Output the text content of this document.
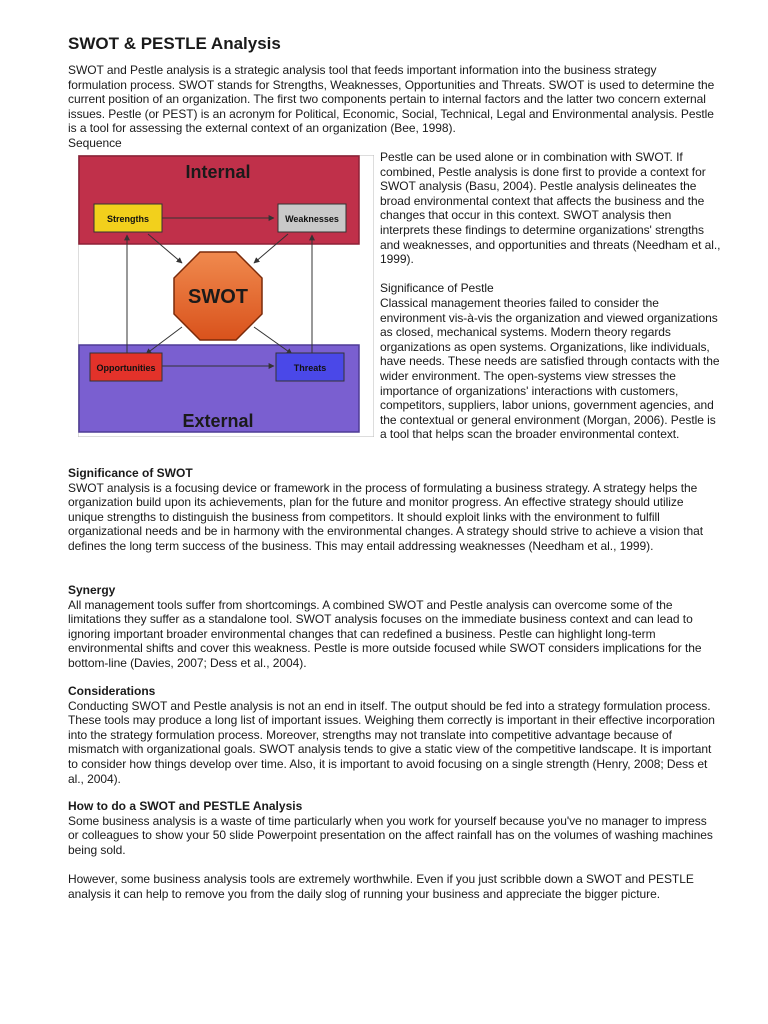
SWOT & PESTLE Analysis

SWOT and Pestle analysis is a strategic analysis tool that feeds important information into the business strategy formulation process. SWOT stands for Strengths, Weaknesses, Opportunities and Threats. SWOT is used to determine the current position of an organization. The first two components pertain to internal factors and the latter two concern external issues. Pestle (or PEST) is an acronym for Political, Economic, Social, Technical, Legal and Environmental analysis. Pestle is a tool for assessing the external context of an organization (Bee, 1998).

Sequence

Internal
External
Strengths	Weaknesses
Opportunities	Threats
SWOT

Pestle can be used alone or in combination with SWOT. If combined, Pestle analysis is done first to provide a context for SWOT analysis (Basu, 2004). Pestle analysis delineates the broad environmental context that affects the business and the changes that occur in this context. SWOT analysis then interprets these findings to determine organizations' strengths and weaknesses, and opportunities and threats (Needham et al., 1999).

Significance of Pestle

Classical management theories failed to consider the environment vis-à-vis the organization and viewed organizations as closed, mechanical systems. Modern theory regards organizations as open systems. Organizations, like individuals, have needs. These needs are satisfied through contacts with the wider environment. The open-systems view stresses the importance of organizations' interactions with customers, competitors, suppliers, labor unions, government agencies, and the contextual or general environment (Morgan, 2006). Pestle is a tool that helps scan the broader environmental context.

Significance of SWOT

SWOT analysis is a focusing device or framework in the process of formulating a business strategy. A strategy helps the organization build upon its achievements, plan for the future and monitor progress. An effective strategy should utilize unique strengths to distinguish the business from competitors. It should exploit links with the environment to fulfill organizational needs and be in harmony with the environmental changes. A strategy should strive to achieve a vision that defines the long term success of the business. This may entail addressing weaknesses (Needham et al., 1999).

Synergy

All management tools suffer from shortcomings. A combined SWOT and Pestle analysis can overcome some of the limitations they suffer as a standalone tool. SWOT analysis focuses on the immediate business context and can lead to ignoring important broader environmental changes that can redefined a business. Pestle can highlight long-term environmental shifts and cover this weakness. Pestle is more outside focused while SWOT considers implications for the bottom-line (Davies, 2007; Dess et al., 2004).

Considerations

Conducting SWOT and Pestle analysis is not an end in itself. The output should be fed into a strategy formulation process. These tools may produce a long list of important issues. Weighing them correctly is important in their effective incorporation into the strategy formulation process. Moreover, strengths may not translate into competitive advantage because of mismatch with organizational goals. SWOT analysis tends to give a static view of the competitive landscape. It is important to consider how things develop over time. Also, it is important to avoid focusing on a single strength (Henry, 2008; Dess et al., 2004).

How to do a SWOT and PESTLE Analysis

Some business analysis is a waste of time particularly when you work for yourself because you've no manager to impress or colleagues to show your 50 slide Powerpoint presentation on the affect rainfall has on the volumes of washing machines being sold.

However, some business analysis tools are extremely worthwhile. Even if you just scribble down a SWOT and PESTLE analysis it can help to remove you from the daily slog of running your business and appreciate the bigger picture.
